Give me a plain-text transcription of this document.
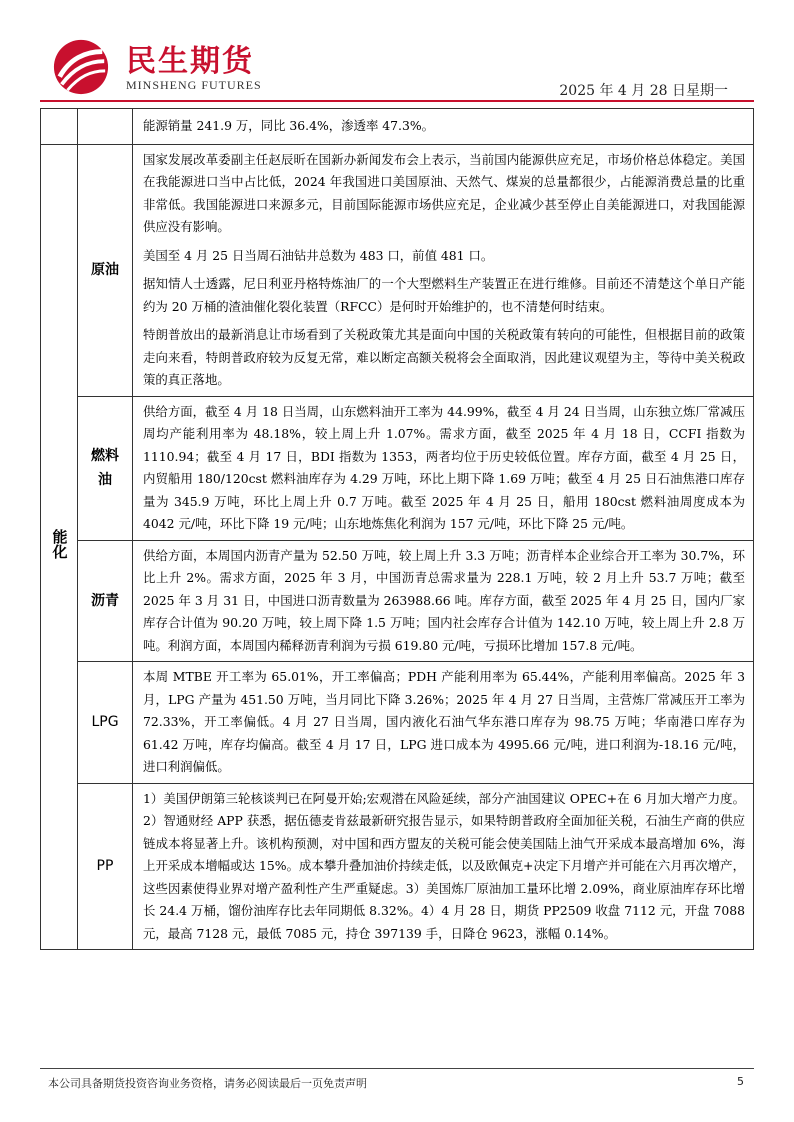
民生期货
MINSHENG FUTURES	2025 年 4 月 28 日星期一

		能源销量 241.9 万，同比 36.4%，渗透率 47.3%。

能化	原油	国家发展改革委副主任赵辰昕在国新办新闻发布会上表示，当前国内能源供应充足，市场价格总体稳定。美国在我能源进口当中占比低，2024 年我国进口美国原油、天然气、煤炭的总量都很少，占能源消费总量的比重非常低。我国能源进口来源多元，目前国际能源市场供应充足，企业减少甚至停止自美能源进口，对我国能源供应没有影响。

美国至 4 月 25 日当周石油钻井总数为 483 口，前值 481 口。

据知情人士透露，尼日利亚丹格特炼油厂的一个大型燃料生产装置正在进行维修。目前还不清楚这个单日产能约为 20 万桶的渣油催化裂化装置（RFCC）是何时开始维护的，也不清楚何时结束。

特朗普放出的最新消息让市场看到了关税政策尤其是面向中国的关税政策有转向的可能性，但根据目前的政策走向来看，特朗普政府较为反复无常，难以断定高额关税将会全面取消，因此建议观望为主，等待中美关税政策的真正落地。

	燃料油	供给方面，截至 4 月 18 日当周，山东燃料油开工率为 44.99%，截至 4 月 24 日当周，山东独立炼厂常减压周均产能利用率为 48.18%，较上周上升 1.07%。需求方面，截至 2025 年 4 月 18 日，CCFI 指数为 1110.94；截至 4 月 17 日，BDI 指数为 1353，两者均位于历史较低位置。库存方面，截至 4 月 25 日，内贸船用 180/120cst 燃料油库存为 4.29 万吨，环比上期下降 1.69 万吨；截至 4 月 25 日石油焦港口库存量为 345.9 万吨，环比上周上升 0.7 万吨。截至 2025 年 4 月 25 日，船用 180cst 燃料油周度成本为 4042 元/吨，环比下降 19 元/吨；山东地炼焦化利润为 157 元/吨，环比下降 25 元/吨。

	沥青	供给方面，本周国内沥青产量为 52.50 万吨，较上周上升 3.3 万吨；沥青样本企业综合开工率为 30.7%，环比上升 2%。需求方面，2025 年 3 月，中国沥青总需求量为 228.1 万吨，较 2 月上升 53.7 万吨；截至 2025 年 3 月 31 日，中国进口沥青数量为 263988.66 吨。库存方面，截至 2025 年 4 月 25 日，国内厂家库存合计值为 90.20 万吨，较上周下降 1.5 万吨；国内社会库存合计值为 142.10 万吨，较上周上升 2.8 万吨。利润方面，本周国内稀释沥青利润为亏损 619.80 元/吨，亏损环比增加 157.8 元/吨。

	LPG	本周 MTBE 开工率为 65.01%，开工率偏高；PDH 产能利用率为 65.44%，产能利用率偏高。2025 年 3 月，LPG 产量为 451.50 万吨，当月同比下降 3.26%；2025 年 4 月 27 日当周，主营炼厂常减压开工率为 72.33%，开工率偏低。4 月 27 日当周，国内液化石油气华东港口库存为 98.75 万吨；华南港口库存为 61.42 万吨，库存均偏高。截至 4 月 17 日，LPG 进口成本为 4995.66 元/吨，进口利润为-18.16 元/吨，进口利润偏低。

	PP	1）美国伊朗第三轮核谈判已在阿曼开始;宏观潜在风险延续，部分产油国建议 OPEC+在 6 月加大增产力度。2）智通财经 APP 获悉，据伍德麦肯兹最新研究报告显示，如果特朗普政府全面加征关税，石油生产商的供应链成本将显著上升。该机构预测，对中国和西方盟友的关税可能会使美国陆上油气开采成本最高增加 6%，海上开采成本增幅或达 15%。成本攀升叠加油价持续走低，以及欧佩克+决定下月增产并可能在六月再次增产，这些因素使得业界对增产盈利性产生严重疑虑。3）美国炼厂原油加工量环比增 2.09%，商业原油库存环比增长 24.4 万桶，馏份油库存比去年同期低 8.32%。4）4 月 28 日，期货 PP2509 收盘 7112 元，开盘 7088 元，最高 7128 元，最低 7085 元，持仓 397139 手，日降仓 9623，涨幅 0.14%。

本公司具备期货投资咨询业务资格，请务必阅读最后一页免责声明	5
